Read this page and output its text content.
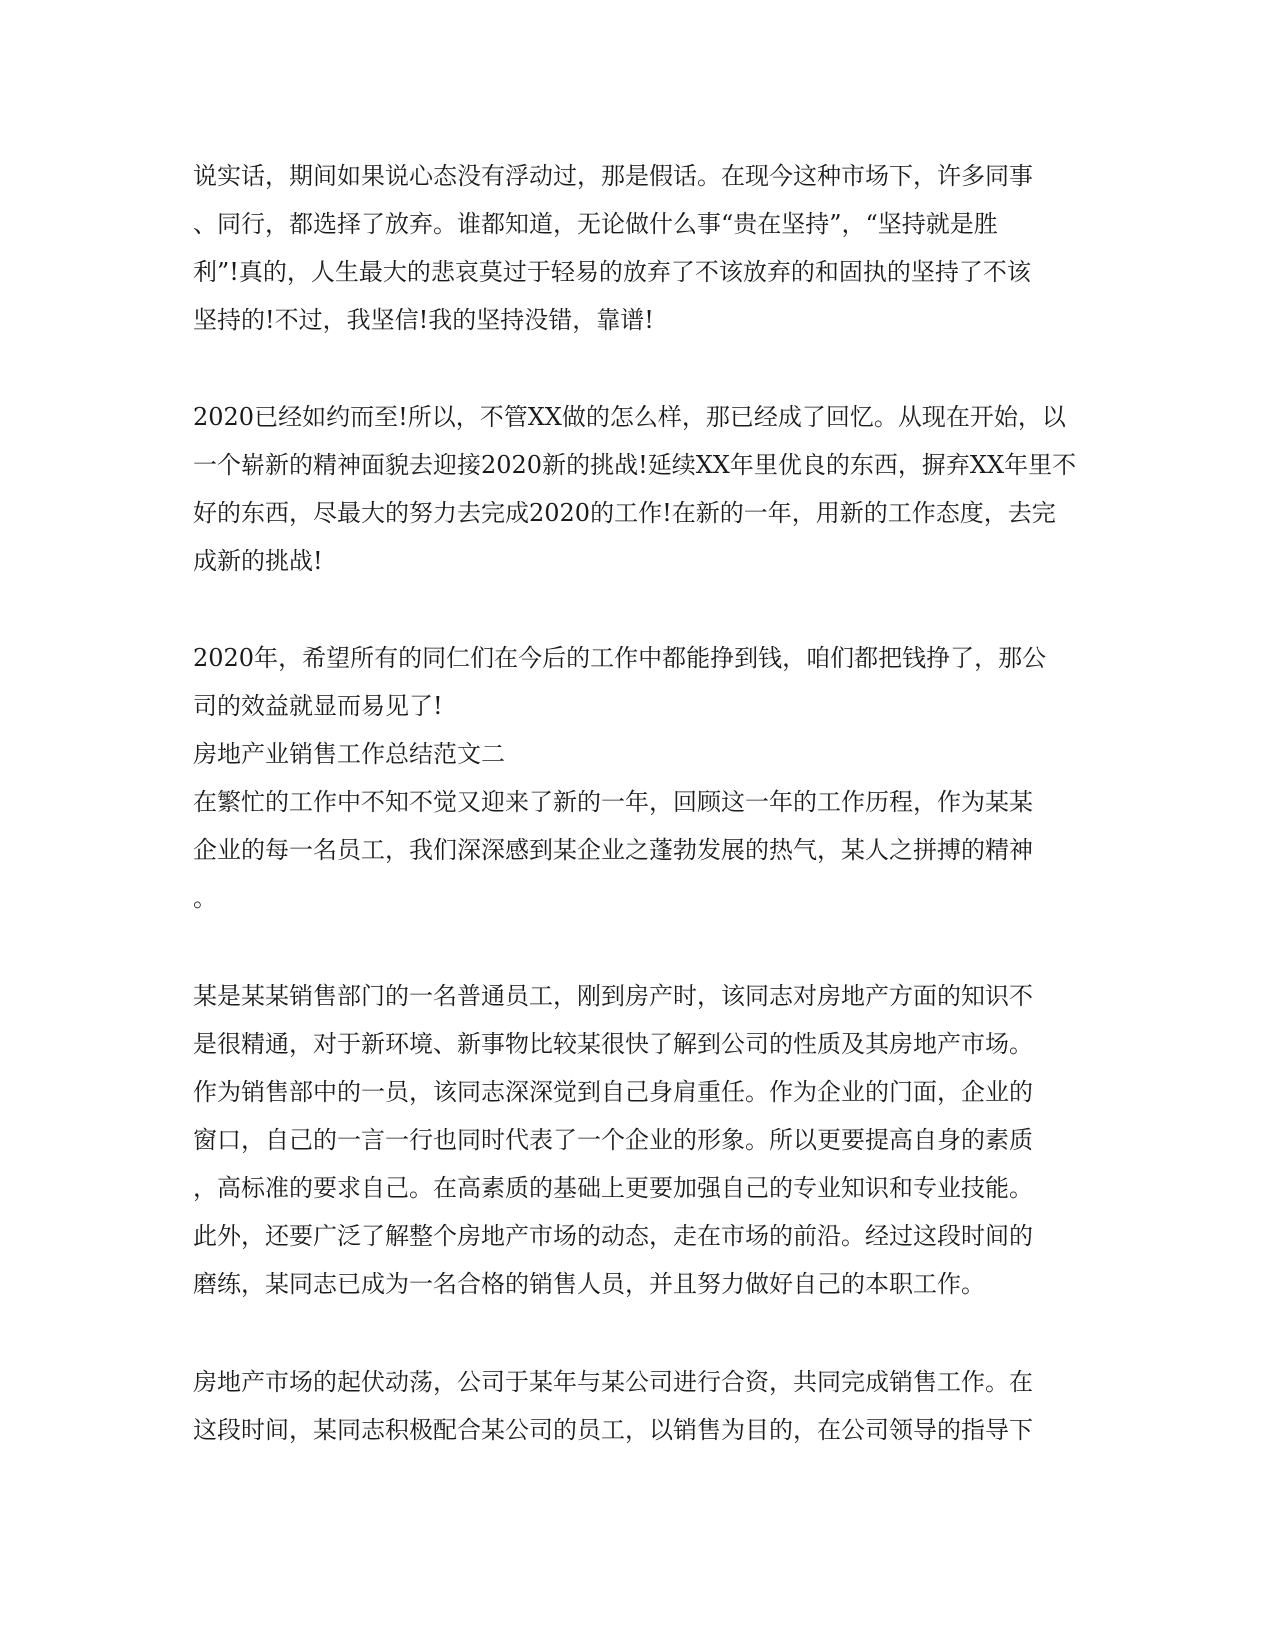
说实话，期间如果说心态没有浮动过，那是假话。在现今这种市场下，许多同事
、同行，都选择了放弃。谁都知道，无论做什么事“贵在坚持”，“坚持就是胜
利”!真的，人生最大的悲哀莫过于轻易的放弃了不该放弃的和固执的坚持了不该
坚持的!不过，我坚信!我的坚持没错，靠谱!
2020已经如约而至!所以，不管XX做的怎么样，那已经成了回忆。从现在开始，以
一个崭新的精神面貌去迎接2020新的挑战!延续XX年里优良的东西，摒弃XX年里不
好的东西，尽最大的努力去完成2020的工作!在新的一年，用新的工作态度，去完
成新的挑战!
2020年，希望所有的同仁们在今后的工作中都能挣到钱，咱们都把钱挣了，那公
司的效益就显而易见了!
房地产业销售工作总结范文二
在繁忙的工作中不知不觉又迎来了新的一年，回顾这一年的工作历程，作为某某
企业的每一名员工，我们深深感到某企业之蓬勃发展的热气，某人之拼搏的精神
。
某是某某销售部门的一名普通员工，刚到房产时，该同志对房地产方面的知识不
是很精通，对于新环境、新事物比较某很快了解到公司的性质及其房地产市场。
作为销售部中的一员，该同志深深觉到自己身肩重任。作为企业的门面，企业的
窗口，自己的一言一行也同时代表了一个企业的形象。所以更要提高自身的素质
，高标准的要求自己。在高素质的基础上更要加强自己的专业知识和专业技能。
此外，还要广泛了解整个房地产市场的动态，走在市场的前沿。经过这段时间的
磨练，某同志已成为一名合格的销售人员，并且努力做好自己的本职工作。
房地产市场的起伏动荡，公司于某年与某公司进行合资，共同完成销售工作。在
这段时间，某同志积极配合某公司的员工，以销售为目的，在公司领导的指导下
